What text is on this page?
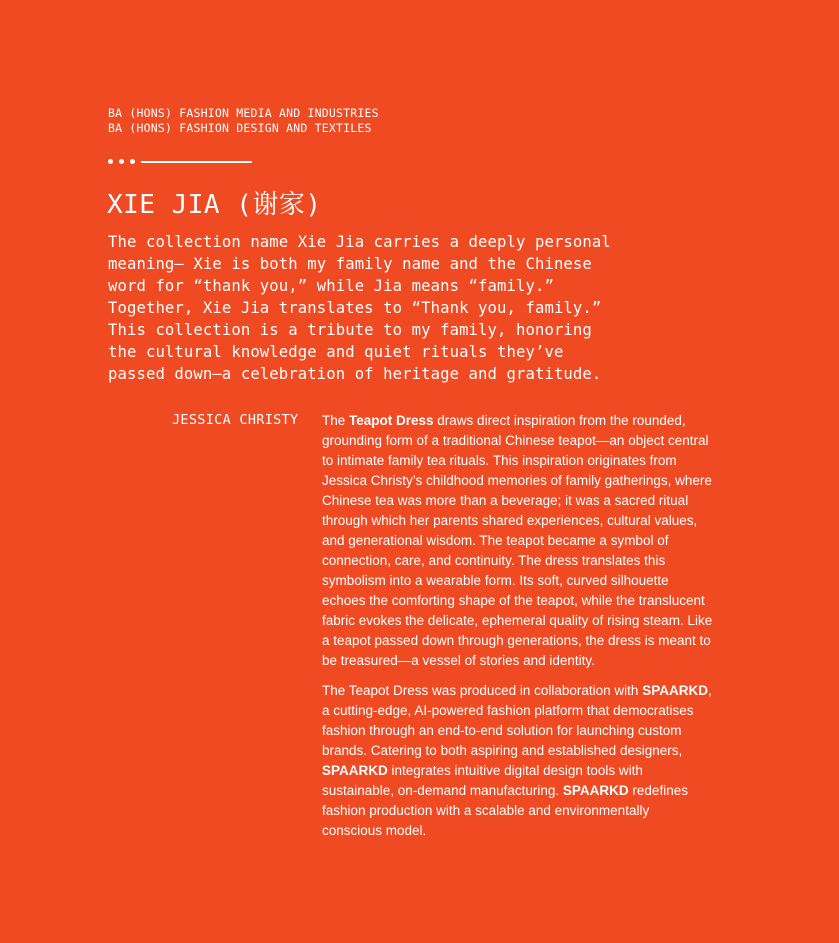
BA (HONS) FASHION MEDIA AND INDUSTRIES
BA (HONS) FASHION DESIGN AND TEXTILES
XIE JIA (谢家)

The collection name Xie Jia carries a deeply personal
meaning— Xie is both my family name and the Chinese
word for “thank you,” while Jia means “family.”
Together, Xie Jia translates to “Thank you, family.”
This collection is a tribute to my family, honoring
the cultural knowledge and quiet rituals they’ve
passed down—a celebration of heritage and gratitude.

JESSICA CHRISTY The Teapot Dress draws direct inspiration from the rounded,
grounding form of a traditional Chinese teapot—an object central
to intimate family tea rituals. This inspiration originates from
Jessica Christy’s childhood memories of family gatherings, where
Chinese tea was more than a beverage; it was a sacred ritual
through which her parents shared experiences, cultural values,
and generational wisdom. The teapot became a symbol of
connection, care, and continuity. The dress translates this
symbolism into a wearable form. Its soft, curved silhouette
echoes the comforting shape of the teapot, while the translucent
fabric evokes the delicate, ephemeral quality of rising steam. Like
a teapot passed down through generations, the dress is meant to
be treasured—a vessel of stories and identity.

The Teapot Dress was produced in collaboration with SPAARKD,
a cutting-edge, AI-powered fashion platform that democratises
fashion through an end-to-end solution for launching custom
brands. Catering to both aspiring and established designers,
SPAARKD integrates intuitive digital design tools with
sustainable, on-demand manufacturing. SPAARKD redefines
fashion production with a scalable and environmentally
conscious model.
